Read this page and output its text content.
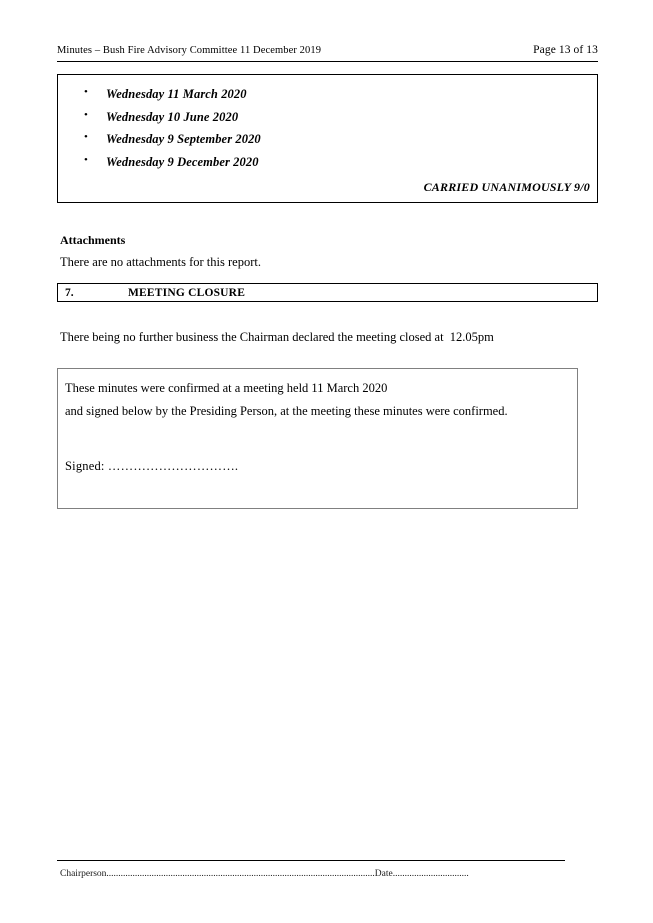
Minutes – Bush Fire Advisory Committee 11 December 2019	Page 13 of 13
• Wednesday 11 March 2020
• Wednesday 10 June 2020
• Wednesday 9 September 2020
• Wednesday 9 December 2020
CARRIED UNANIMOUSLY 9/0
Attachments
There are no attachments for this report.
7.	MEETING CLOSURE
There being no further business the Chairman declared the meeting closed at  12.05pm
These minutes were confirmed at a meeting held 11 March 2020
and signed below by the Presiding Person, at the meeting these minutes were confirmed.
Signed: ………………………….
Chairperson.................................................................................................................Date................................
